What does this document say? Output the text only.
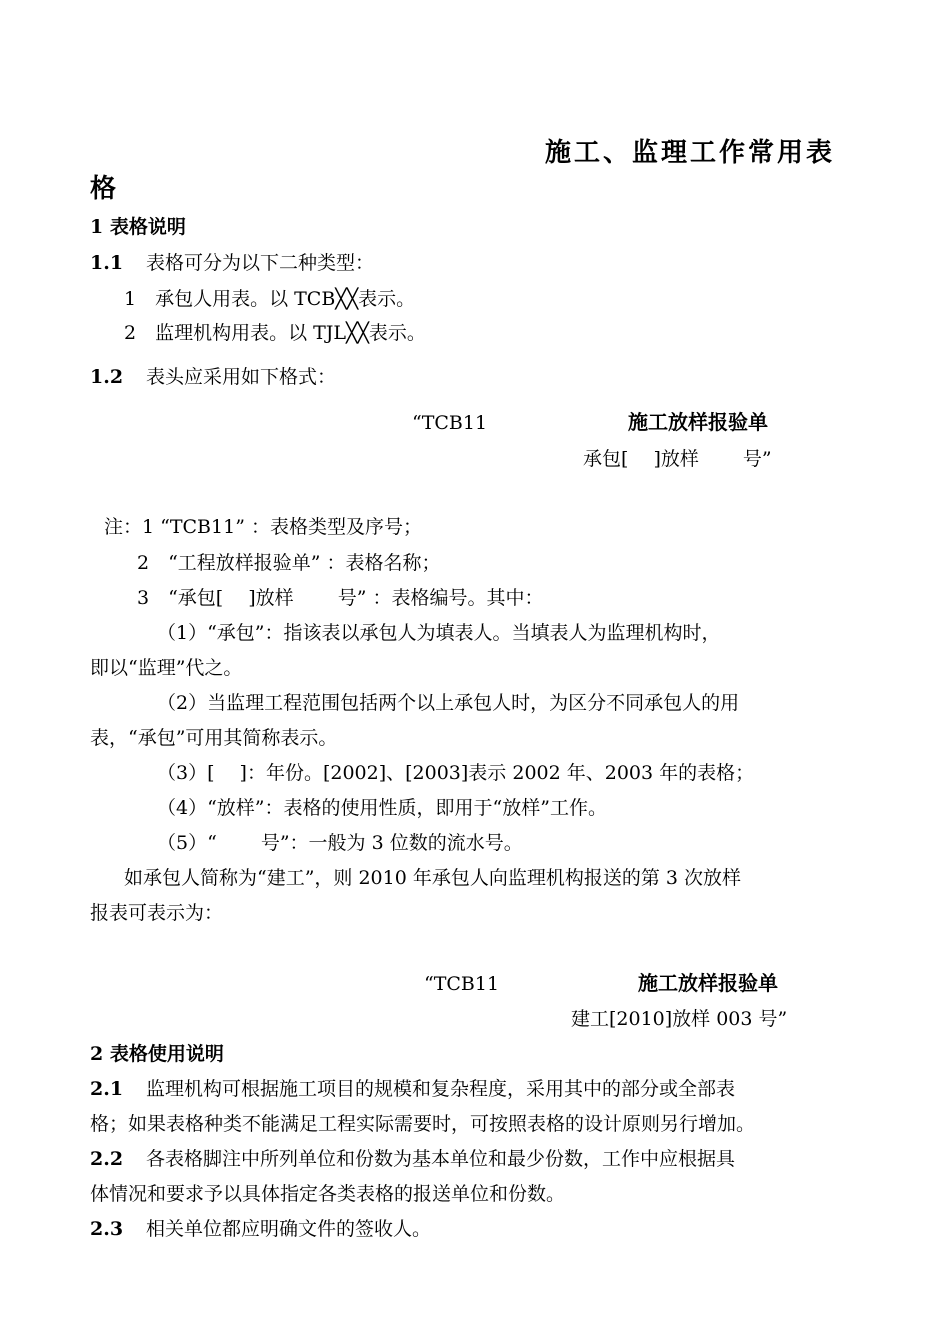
施工、监理工作常用表
格
1 表格说明
1.1 表格可分为以下二种类型：
1　承包人用表。以 TCB╳╳表示。
2　监理机构用表。以 TJL╳╳表示。
1.2 表头应采用如下格式：
“TCB11	施工放样报验单
承包[　 ]放样　　 号”
注：1 “TCB11” ：表格类型及序号；
2　“工程放样报验单” ：表格名称；
3　“承包[　 ]放样　　 号” ：表格编号。其中：
（1）“承包”：指该表以承包人为填表人。当填表人为监理机构时，
即以“监理”代之。
（2）当监理工程范围包括两个以上承包人时，为区分不同承包人的用
表，“承包”可用其简称表示。
（3）[　 ]：年份。[2002]、[2003]表示 2002 年、2003 年的表格；
（4）“放样”：表格的使用性质，即用于“放样”工作。
（5）“　　 号”：一般为 3 位数的流水号。
如承包人简称为“建工”，则 2010 年承包人向监理机构报送的第 3 次放样
报表可表示为：
“TCB11	施工放样报验单
建工[2010]放样 003 号”
2 表格使用说明
2.1 监理机构可根据施工项目的规模和复杂程度，采用其中的部分或全部表
格；如果表格种类不能满足工程实际需要时，可按照表格的设计原则另行增加。
2.2 各表格脚注中所列单位和份数为基本单位和最少份数，工作中应根据具
体情况和要求予以具体指定各类表格的报送单位和份数。
2.3 相关单位都应明确文件的签收人。
